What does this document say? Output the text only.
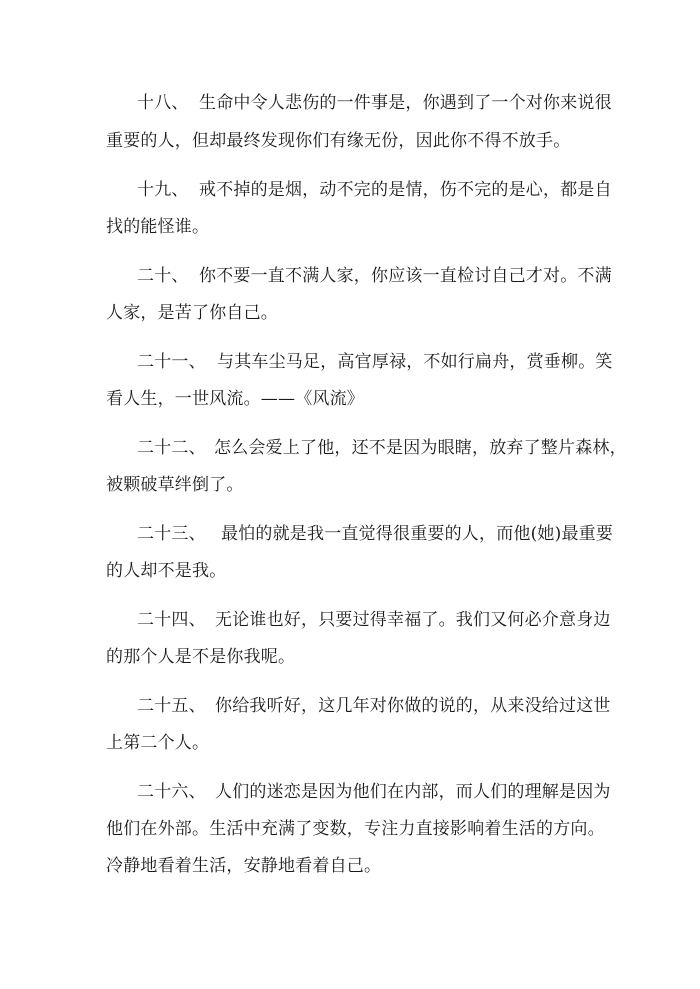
十八、 生命中令人悲伤的一件事是，你遇到了一个对你来说很
重要的人，但却最终发现你们有缘无份，因此你不得不放手。
十九、 戒不掉的是烟，动不完的是情，伤不完的是心，都是自
找的能怪谁。
二十、 你不要一直不满人家，你应该一直检讨自己才对。不满
人家，是苦了你自己。
二十一、 与其车尘马足，高官厚禄，不如行扁舟，赏垂柳。笑
看人生，一世风流。——《风流》
二十二、 怎么会爱上了他，还不是因为眼瞎，放弃了整片森林，
被颗破草绊倒了。
二十三、 最怕的就是我一直觉得很重要的人，而他(她)最重要
的人却不是我。
二十四、 无论谁也好，只要过得幸福了。我们又何必介意身边
的那个人是不是你我呢。
二十五、 你给我听好，这几年对你做的说的，从来没给过这世
上第二个人。
二十六、 人们的迷恋是因为他们在内部，而人们的理解是因为
他们在外部。生活中充满了变数，专注力直接影响着生活的方向。
冷静地看着生活，安静地看着自己。
